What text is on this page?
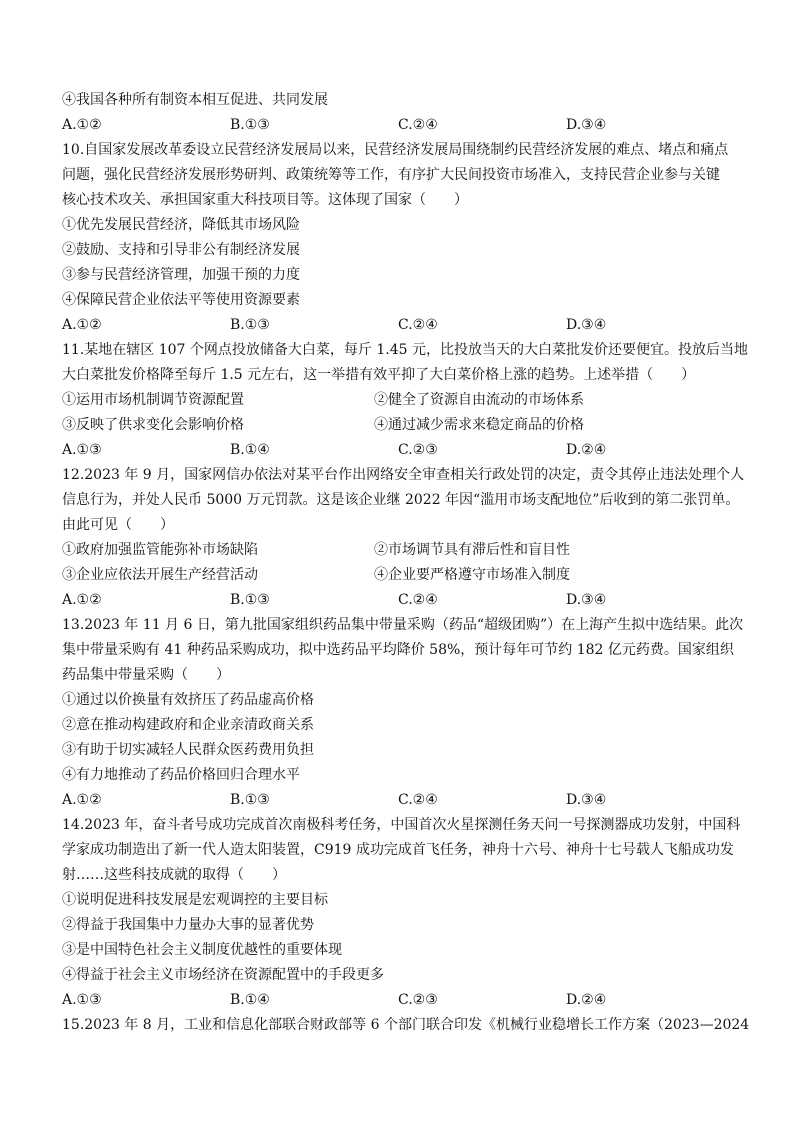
④我国各种所有制资本相互促进、共同发展
A.①②	B.①③	C.②④	D.③④
10.自国家发展改革委设立民营经济发展局以来，民营经济发展局围绕制约民营经济发展的难点、堵点和痛点
问题，强化民营经济发展形势研判、政策统筹等工作，有序扩大民间投资市场准入，支持民营企业参与关键
核心技术攻关、承担国家重大科技项目等。这体现了国家（　　）
①优先发展民营经济，降低其市场风险
②鼓励、支持和引导非公有制经济发展
③参与民营经济管理，加强干预的力度
④保障民营企业依法平等使用资源要素
A.①②	B.①③	C.②④	D.③④
11.某地在辖区 107 个网点投放储备大白菜，每斤 1.45 元，比投放当天的大白菜批发价还要便宜。投放后当地
大白菜批发价格降至每斤 1.5 元左右，这一举措有效平抑了大白菜价格上涨的趋势。上述举措（　　）
①运用市场机制调节资源配置	②健全了资源自由流动的市场体系
③反映了供求变化会影响价格	④通过减少需求来稳定商品的价格
A.①③	B.①④	C.②③	D.②④
12.2023 年 9 月，国家网信办依法对某平台作出网络安全审查相关行政处罚的决定，责令其停止违法处理个人
信息行为，并处人民币 5000 万元罚款。这是该企业继 2022 年因“滥用市场支配地位”后收到的第二张罚单。
由此可见（　　）
①政府加强监管能弥补市场缺陷	②市场调节具有滞后性和盲目性
③企业应依法开展生产经营活动	④企业要严格遵守市场准入制度
A.①②	B.①③	C.②④	D.③④
13.2023 年 11 月 6 日，第九批国家组织药品集中带量采购（药品“超级团购”）在上海产生拟中选结果。此次
集中带量采购有 41 种药品采购成功，拟中选药品平均降价 58%，预计每年可节约 182 亿元药费。国家组织
药品集中带量采购（　　）
①通过以价换量有效挤压了药品虚高价格
②意在推动构建政府和企业亲清政商关系
③有助于切实减轻人民群众医药费用负担
④有力地推动了药品价格回归合理水平
A.①②	B.①③	C.②④	D.③④
14.2023 年，奋斗者号成功完成首次南极科考任务，中国首次火星探测任务天问一号探测器成功发射，中国科
学家成功制造出了新一代人造太阳装置，C919 成功完成首飞任务，神舟十六号、神舟十七号载人飞船成功发
射……这些科技成就的取得（　　）
①说明促进科技发展是宏观调控的主要目标
②得益于我国集中力量办大事的显著优势
③是中国特色社会主义制度优越性的重要体现
④得益于社会主义市场经济在资源配置中的手段更多
A.①③	B.①④	C.②③	D.②④
15.2023 年 8 月，工业和信息化部联合财政部等 6 个部门联合印发《机械行业稳增长工作方案（2023—2024
